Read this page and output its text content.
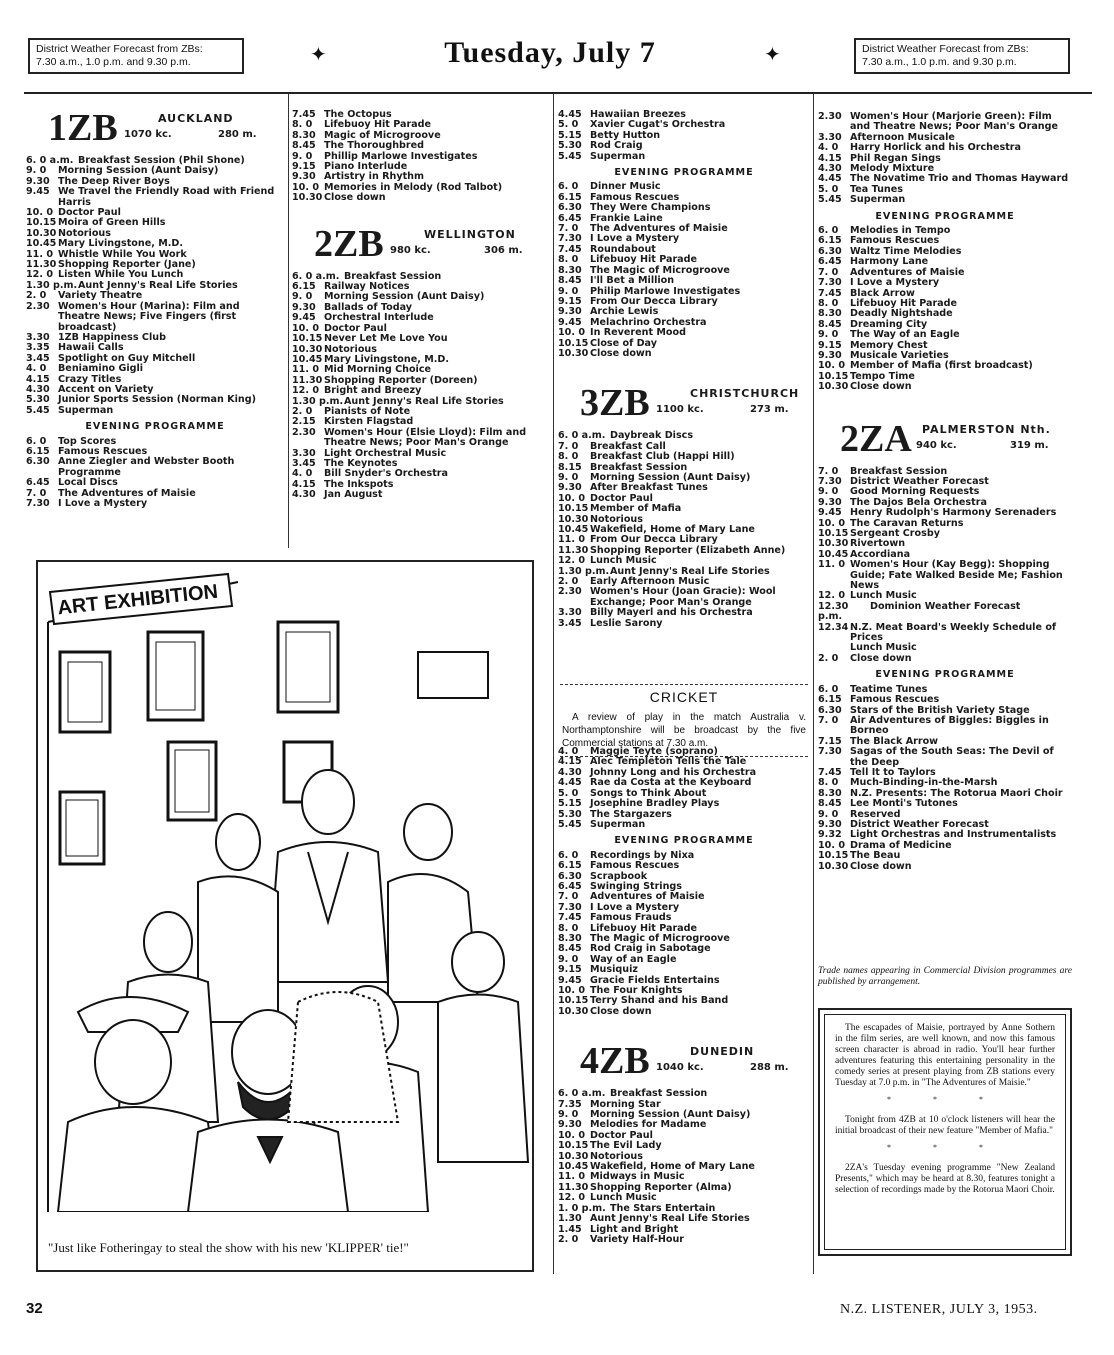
District Weather Forecast from ZBs:
7.30 a.m., 1.0 p.m. and 9.30 p.m.	✦	Tuesday, July 7	✦	District Weather Forecast from ZBs:
7.30 a.m., 1.0 p.m. and 9.30 p.m.
1ZB	AUCKLAND
1070 kc.	280 m.
6. 0 a.m. Breakfast Session (Phil Shone)
9. 0	Morning Session (Aunt Daisy)
9.30 The Deep River Boys
9.45 We Travel the Friendly Road with Friend Harris
10. 0 Doctor Paul
10.15 Moira of Green Hills
10.30 Notorious
10.45 Mary Livingstone, M.D.
11. 0 Whistle While You Work
11.30 Shopping Reporter (Jane)
12. 0 Listen While You Lunch
1.30 p.m. Aunt Jenny's Real Life Stories
2. 0	Variety Theatre
2.30 Women's Hour (Marina): Film and Theatre News; Five Fingers (first broadcast)
3.30 1ZB Happiness Club
3.35 Hawaii Calls
3.45 Spotlight on Guy Mitchell
4. 0	Beniamino Gigli
4.15 Crazy Titles
4.30 Accent on Variety
5.30 Junior Sports Session (Norman King)
5.45 Superman
EVENING PROGRAMME
6. 0	Top Scores
6.15 Famous Rescues
6.30 Anne Ziegler and Webster Booth Programme
6.45 Local Discs
7. 0	The Adventures of Maisie
7.30 I Love a Mystery
7.45 The Octopus
8. 0	Lifebuoy Hit Parade
8.30 Magic of Microgroove
8.45 The Thoroughbred
9. 0	Phillip Marlowe Investigates
9.15 Piano Interlude
9.30 Artistry in Rhythm
10. 0 Memories in Melody (Rod Talbot)
10.30 Close down
2ZB	WELLINGTON
980 kc.	306 m.
6. 0 a.m. Breakfast Session
6.15 Railway Notices
9. 0	Morning Session (Aunt Daisy)
9.30 Ballads of Today
9.45 Orchestral Interlude
10. 0 Doctor Paul
10.15 Never Let Me Love You
10.30 Notorious
10.45 Mary Livingstone, M.D.
11. 0 Mid Morning Choice
11.30 Shopping Reporter (Doreen)
12. 0 Bright and Breezy
1.30 p.m. Aunt Jenny's Real Life Stories
2. 0	Pianists of Note
2.15 Kirsten Flagstad
2.30 Women's Hour (Elsie Lloyd): Film and Theatre News; Poor Man's Orange
3.30 Light Orchestral Music
3.45 The Keynotes
4. 0	Bill Snyder's Orchestra
4.15 The Inkspots
4.30 Jan August
4.45 Hawaiian Breezes
5. 0	Xavier Cugat's Orchestra
5.15 Betty Hutton
5.30 Rod Craig
5.45 Superman
EVENING PROGRAMME
6. 0	Dinner Music
6.15 Famous Rescues
6.30 They Were Champions
6.45 Frankie Laine
7. 0	The Adventures of Maisie
7.30 I Love a Mystery
7.45 Roundabout
8. 0	Lifebuoy Hit Parade
8.30 The Magic of Microgroove
8.45 I'll Bet a Million
9. 0	Philip Marlowe Investigates
9.15 From Our Decca Library
9.30 Archie Lewis
9.45 Melachrino Orchestra
10. 0 In Reverent Mood
10.15 Close of Day
10.30 Close down
3ZB	CHRISTCHURCH
1100 kc.	273 m.
6. 0 a.m. Daybreak Discs
7. 0	Breakfast Call
8. 0	Breakfast Club (Happi Hill)
8.15 Breakfast Session
9. 0	Morning Session (Aunt Daisy)
9.30 After Breakfast Tunes
10. 0 Doctor Paul
10.15 Member of Mafia
10.30 Notorious
10.45 Wakefield, Home of Mary Lane
11. 0 From Our Decca Library
11.30 Shopping Reporter (Elizabeth Anne)
12. 0 Lunch Music
1.30 p.m. Aunt Jenny's Real Life Stories
2. 0	Early Afternoon Music
2.30 Women's Hour (Joan Gracie): Wool Exchange; Poor Man's Orange
3.30 Billy Mayerl and his Orchestra
3.45 Leslie Sarony
4. 0	Maggie Teyte (soprano)
4.15 Alec Templeton Tells the Tale
4.30 Johnny Long and his Orchestra
4.45 Rae da Costa at the Keyboard
5. 0	Songs to Think About
5.15 Josephine Bradley Plays
5.30 The Stargazers
5.45 Superman
EVENING PROGRAMME
6. 0	Recordings by Nixa
6.15 Famous Rescues
6.30 Scrapbook
6.45 Swinging Strings
7. 0	Adventures of Maisie
7.30 I Love a Mystery
7.45 Famous Frauds
8. 0	Lifebuoy Hit Parade
8.30 The Magic of Microgroove
8.45 Rod Craig in Sabotage
9. 0	Way of an Eagle
9.15 Musiquiz
9.45 Gracie Fields Entertains
10. 0 The Four Knights
10.15 Terry Shand and his Band
10.30 Close down
4ZB	DUNEDIN
1040 kc.	288 m.
6. 0 a.m. Breakfast Session
7.35 Morning Star
9. 0	Morning Session (Aunt Daisy)
9.30 Melodies for Madame
10. 0 Doctor Paul
10.15 The Evil Lady
10.30 Notorious
10.45 Wakefield, Home of Mary Lane
11. 0 Midways in Music
11.30 Shopping Reporter (Alma)
12. 0 Lunch Music
1. 0 p.m. The Stars Entertain
1.30 Aunt Jenny's Real Life Stories
1.45 Light and Bright
2. 0	Variety Half-Hour
CRICKET

A review of play in the match Australia v. Northamptonshire will be broadcast by the five Commercial stations at 7.30 a.m.

2.30 Women's Hour (Marjorie Green): Film and Theatre News; Poor Man's Orange
3.30 Afternoon Musicale
4. 0	Harry Horlick and his Orchestra
4.15 Phil Regan Sings
4.30 Melody Mixture
4.45 The Novatime Trio and Thomas Hayward
5. 0	Tea Tunes
5.45 Superman
EVENING PROGRAMME
6. 0	Melodies in Tempo
6.15 Famous Rescues
6.30 Waltz Time Melodies
6.45 Harmony Lane
7. 0	Adventures of Maisie
7.30 I Love a Mystery
7.45 Black Arrow
8. 0	Lifebuoy Hit Parade
8.30 Deadly Nightshade
8.45 Dreaming City
9. 0	The Way of an Eagle
9.15 Memory Chest
9.30 Musicale Varieties
10. 0 Member of Mafia (first broadcast)
10.15 Tempo Time
10.30 Close down
2ZA PALMERSTON Nth.
940 kc.	319 m.
7. 0	Breakfast Session
7.30 District Weather Forecast
9. 0	Good Morning Requests
9.30 The Dajos Bela Orchestra
9.45 Henry Rudolph's Harmony Serenaders
10. 0 The Caravan Returns
10.15 Sergeant Crosby
10.30 Rivertown
10.45 Accordiana
11. 0 Women's Hour (Kay Begg): Shopping Guide; Fate Walked Beside Me; Fashion News
12. 0 Lunch Music
12.30 p.m.
Dominion Weather Forecast
12.34 N.Z. Meat Board's Weekly Schedule of Prices
Lunch Music
2. 0	Close down
EVENING PROGRAMME
6. 0	Teatime Tunes
6.15 Famous Rescues
6.30 Stars of the British Variety Stage
7. 0	Air Adventures of Biggles: Biggles in Borneo
7.15 The Black Arrow
7.30 Sagas of the South Seas: The Devil of the Deep
7.45 Tell It to Taylors
8. 0	Much-Binding-in-the-Marsh
8.30 N.Z. Presents: The Rotorua Maori Choir
8.45 Lee Monti's Tutones
9. 0	Reserved
9.30 District Weather Forecast
9.32 Light Orchestras and Instrumentalists
10. 0 Drama of Medicine
10.15 The Beau
10.30 Close down
Trade names appearing in Commercial Division programmes are published by arrangement.

The escapades of Maisie, portrayed by Anne Sothern in the film series, are well known, and now this famous screen character is abroad in radio. You'll hear further adventures featuring this entertaining personality in the comedy series at present playing from ZB stations every Tuesday at 7.0 p.m. in "The Adventures of Maisie."

* * *

Tonight from 4ZB at 10 o'clock listeners will hear the initial broadcast of their new feature "Member of Mafia."

* * *

2ZA's Tuesday evening programme "New Zealand Presents," which may be heard at 8.30, features tonight a selection of recordings made by the Rotorua Maori Choir.

ART EXHIBITION
"Just like Fotheringay to steal the show with his new 'KLIPPER' tie!"
32	N.Z. LISTENER, JULY 3, 1953.
